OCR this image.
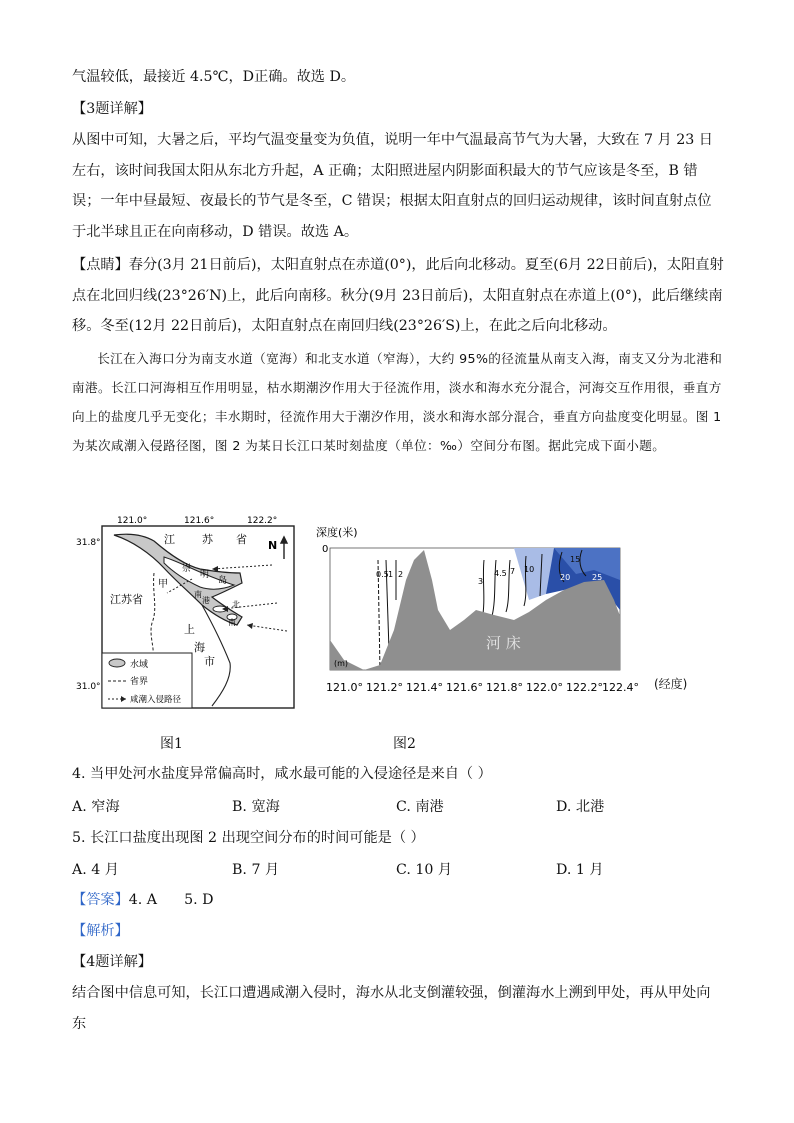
气温较低，最接近 4.5℃，D正确。故选 D。
【3题详解】
从图中可知，大暑之后，平均气温变量变为负值，说明一年中气温最高节气为大暑，大致在 7 月 23 日左右，该时间我国太阳从东北方升起，A 正确；太阳照进屋内阴影面积最大的节气应该是冬至，B 错误；一年中昼最短、夜最长的节气是冬至，C 错误；根据太阳直射点的回归运动规律，该时间直射点位于北半球且正在向南移动，D 错误。故选 A。
【点睛】春分(3月 21日前后)，太阳直射点在赤道(0°)，此后向北移动。夏至(6月 22日前后)，太阳直射点在北回归线(23°26′N)上，此后向南移。秋分(9月 23日前后)，太阳直射点在赤道上(0°)，此后继续南移。冬至(12月 22日前后)，太阳直射点在南回归线(23°26′S)上，在此之后向北移动。
长江在入海口分为南支水道（宽海）和北支水道（窄海），大约 95%的径流量从南支入海，南支又分为北港和南港。长江口河海相互作用明显，枯水期潮汐作用大于径流作用，淡水和海水充分混合，河海交互作用很，垂直方向上的盐度几乎无变化；丰水期时，径流作用大于潮汐作用，淡水和海水部分混合，垂直方向盐度变化明显。图 1 为某次咸潮入侵路径图，图 2 为某日长江口某时刻盐度（单位：‰）空间分布图。据此完成下面小题。
121.0°	121.6°	122.2°
31.8°
31.0°
江 苏 省
崇
明
岛
江苏省
上
海
市
甲
南
港	北
南
N
水域
省界
咸潮入侵路径
图1
深度(米)
0
0.5 1 2
3
4.5 7 10
15
20	25
河 床
(m)
121.0° 121.2° 121.4° 121.6° 121.8° 122.0° 122.2° 122.4° (经度)
图2
4. 当甲处河水盐度异常偏高时，咸水最可能的入侵途径是来自（ ）
A. 窄海	B. 宽海	C. 南港	D. 北港
5. 长江口盐度出现图 2 出现空间分布的时间可能是（ ）
A. 4 月	B. 7 月	C. 10 月	D. 1 月
【答案】4. A      5. D
【解析】
【4题详解】
结合图中信息可知，长江口遭遇咸潮入侵时，海水从北支倒灌较强，倒灌海水上溯到甲处，再从甲处向东
